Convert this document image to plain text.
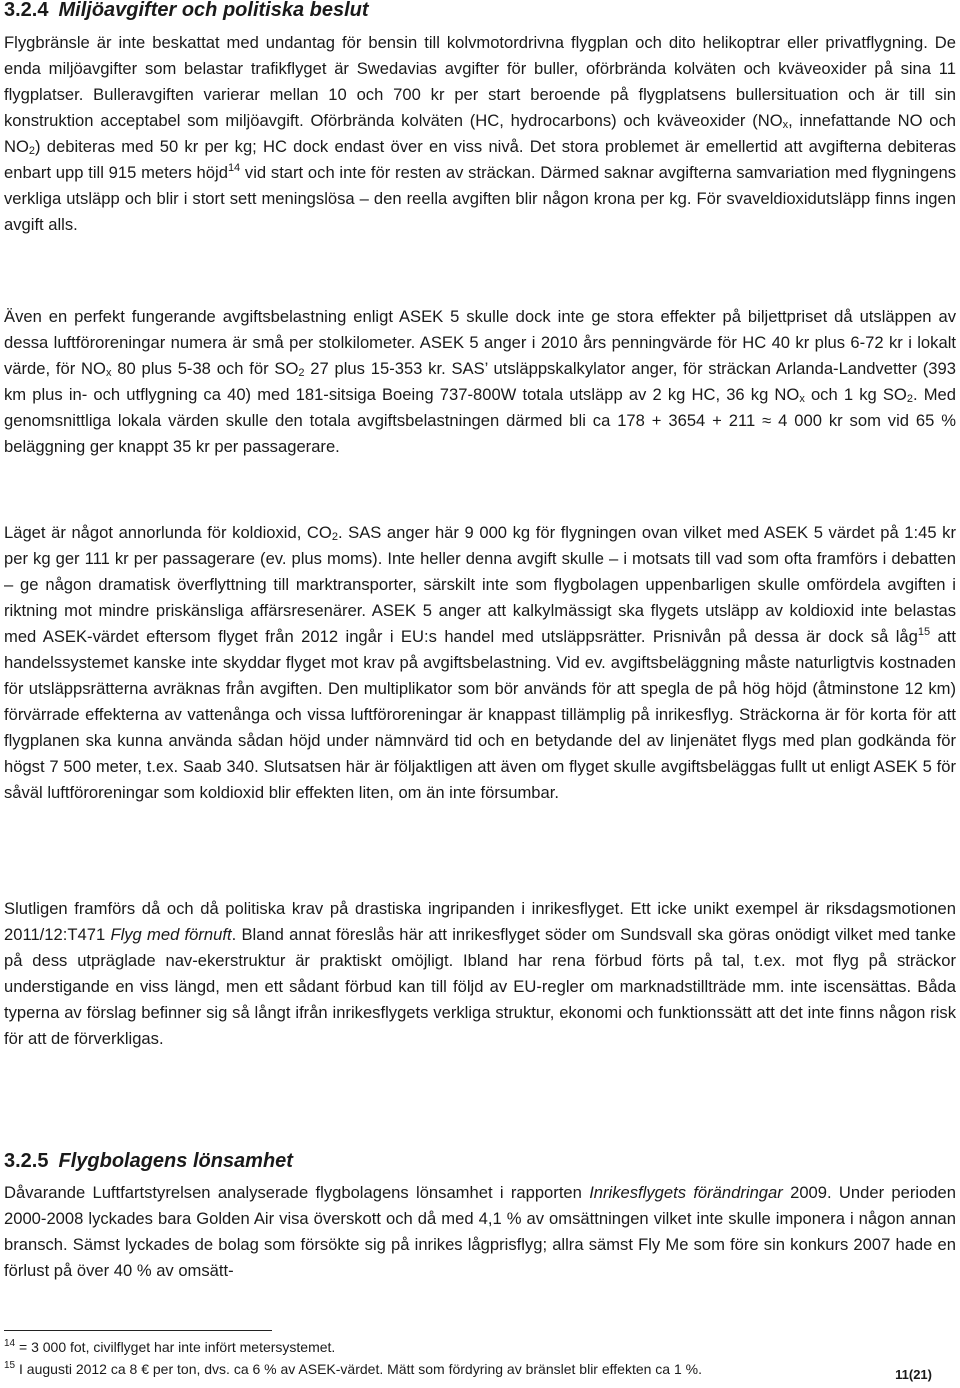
3.2.4 Miljöavgifter och politiska beslut

Flygbränsle är inte beskattat med undantag för bensin till kolvmotordrivna flygplan och dito helikoptrar eller privatflygning. De enda miljöavgifter som belastar trafikflyget är Swedavias avgifter för buller, oförbrända kolväten och kväveoxider på sina 11 flygplatser. Bulleravgiften varierar mellan 10 och 700 kr per start beroende på flygplatsens bullersituation och är till sin konstruktion acceptabel som miljöavgift. Oförbrända kolväten (HC, hydrocarbons) och kväveoxider ($NO_x$, innefattande NO och $NO_2$) debiteras med 50 kr per kg; HC dock endast över en viss nivå. Det stora problemet är emellertid att avgifterna debiteras enbart upp till 915 meters höjd$^{14}$ vid start och inte för resten av sträckan. Därmed saknar avgifterna samvariation med flygningens verkliga utsläpp och blir i stort sett meningslösa – den reella avgiften blir någon krona per kg. För svaveldioxidutsläpp finns ingen avgift alls.

Även en perfekt fungerande avgiftsbelastning enligt ASEK 5 skulle dock inte ge stora effekter på biljettpriset då utsläppen av dessa luftföroreningar numera är små per stolkilometer. ASEK 5 anger i 2010 års penningvärde för HC 40 kr plus 6-72 kr i lokalt värde, för $NO_x$ 80 plus 5-38 och för $SO_2$ 27 plus 15-353 kr. SAS’ utsläppskalkylator anger, för sträckan Arlanda-Landvetter (393 km plus in- och utflygning ca 40) med 181-sitsiga Boeing 737-800W totala utsläpp av 2 kg HC, 36 kg $NO_x$ och 1 kg $SO_2$. Med genomsnittliga lokala värden skulle den totala avgiftsbelastningen därmed bli ca 178 + 3654 + 211 ≈ 4 000 kr som vid 65 % beläggning ger knappt 35 kr per passagerare.

Läget är något annorlunda för koldioxid, $CO_2$. SAS anger här 9 000 kg för flygningen ovan vilket med ASEK 5 värdet på 1:45 kr per kg ger 111 kr per passagerare (ev. plus moms). Inte heller denna avgift skulle – i motsats till vad som ofta framförs i debatten – ge någon dramatisk överflyttning till marktransporter, särskilt inte som flygbolagen uppenbarligen skulle omfördela avgiften i riktning mot mindre priskänsliga affärsresenärer. ASEK 5 anger att kalkylmässigt ska flygets utsläpp av koldioxid inte belastas med ASEK-värdet eftersom flyget från 2012 ingår i EU:s handel med utsläppsrätter. Prisnivån på dessa är dock så låg$^{15}$ att handelssystemet kanske inte skyddar flyget mot krav på avgiftsbelastning. Vid ev. avgiftsbeläggning måste naturligtvis kostnaden för utsläppsrätterna avräknas från avgiften. Den multiplikator som bör används för att spegla de på hög höjd (åtminstone 12 km) förvärrade effekterna av vattenånga och vissa luftföroreningar är knappast tillämplig på inrikesflyg. Sträckorna är för korta för att flygplanen ska kunna använda sådan höjd under nämnvärd tid och en betydande del av linjenätet flygs med plan godkända för högst 7 500 meter, t.ex. Saab 340. Slutsatsen här är följaktligen att även om flyget skulle avgiftsbeläggas fullt ut enligt ASEK 5 för såväl luftföroreningar som koldioxid blir effekten liten, om än inte försumbar.

Slutligen framförs då och då politiska krav på drastiska ingripanden i inrikesflyget. Ett icke unikt exempel är riksdagsmotionen 2011/12:T471 Flyg med förnuft. Bland annat föreslås här att inrikesflyget söder om Sundsvall ska göras onödigt vilket med tanke på dess utpräglade nav-ekerstruktur är praktiskt omöjligt. Ibland har rena förbud förts på tal, t.ex. mot flyg på sträckor understigande en viss längd, men ett sådant förbud kan till följd av EU-regler om marknadstillträde mm. inte iscensättas. Båda typerna av förslag befinner sig så långt ifrån inrikesflygets verkliga struktur, ekonomi och funktionssätt att det inte finns någon risk för att de förverkligas.

3.2.5 Flygbolagens lönsamhet

Dåvarande Luftfartstyrelsen analyserade flygbolagens lönsamhet i rapporten Inrikesflygets förändringar 2009. Under perioden 2000-2008 lyckades bara Golden Air visa överskott och då med 4,1 % av omsättningen vilket inte skulle imponera i någon annan bransch. Sämst lyckades de bolag som försökte sig på inrikes lågprisflyg; allra sämst Fly Me som före sin konkurs 2007 hade en förlust på över 40 % av omsätt-

$^{14}$ = 3 000 fot, civilflyget har inte infört metersystemet.
$^{15}$ I augusti 2012 ca 8 € per ton, dvs. ca 6 % av ASEK-värdet. Mätt som fördyring av bränslet blir effekten ca 1 %.	11(21)
